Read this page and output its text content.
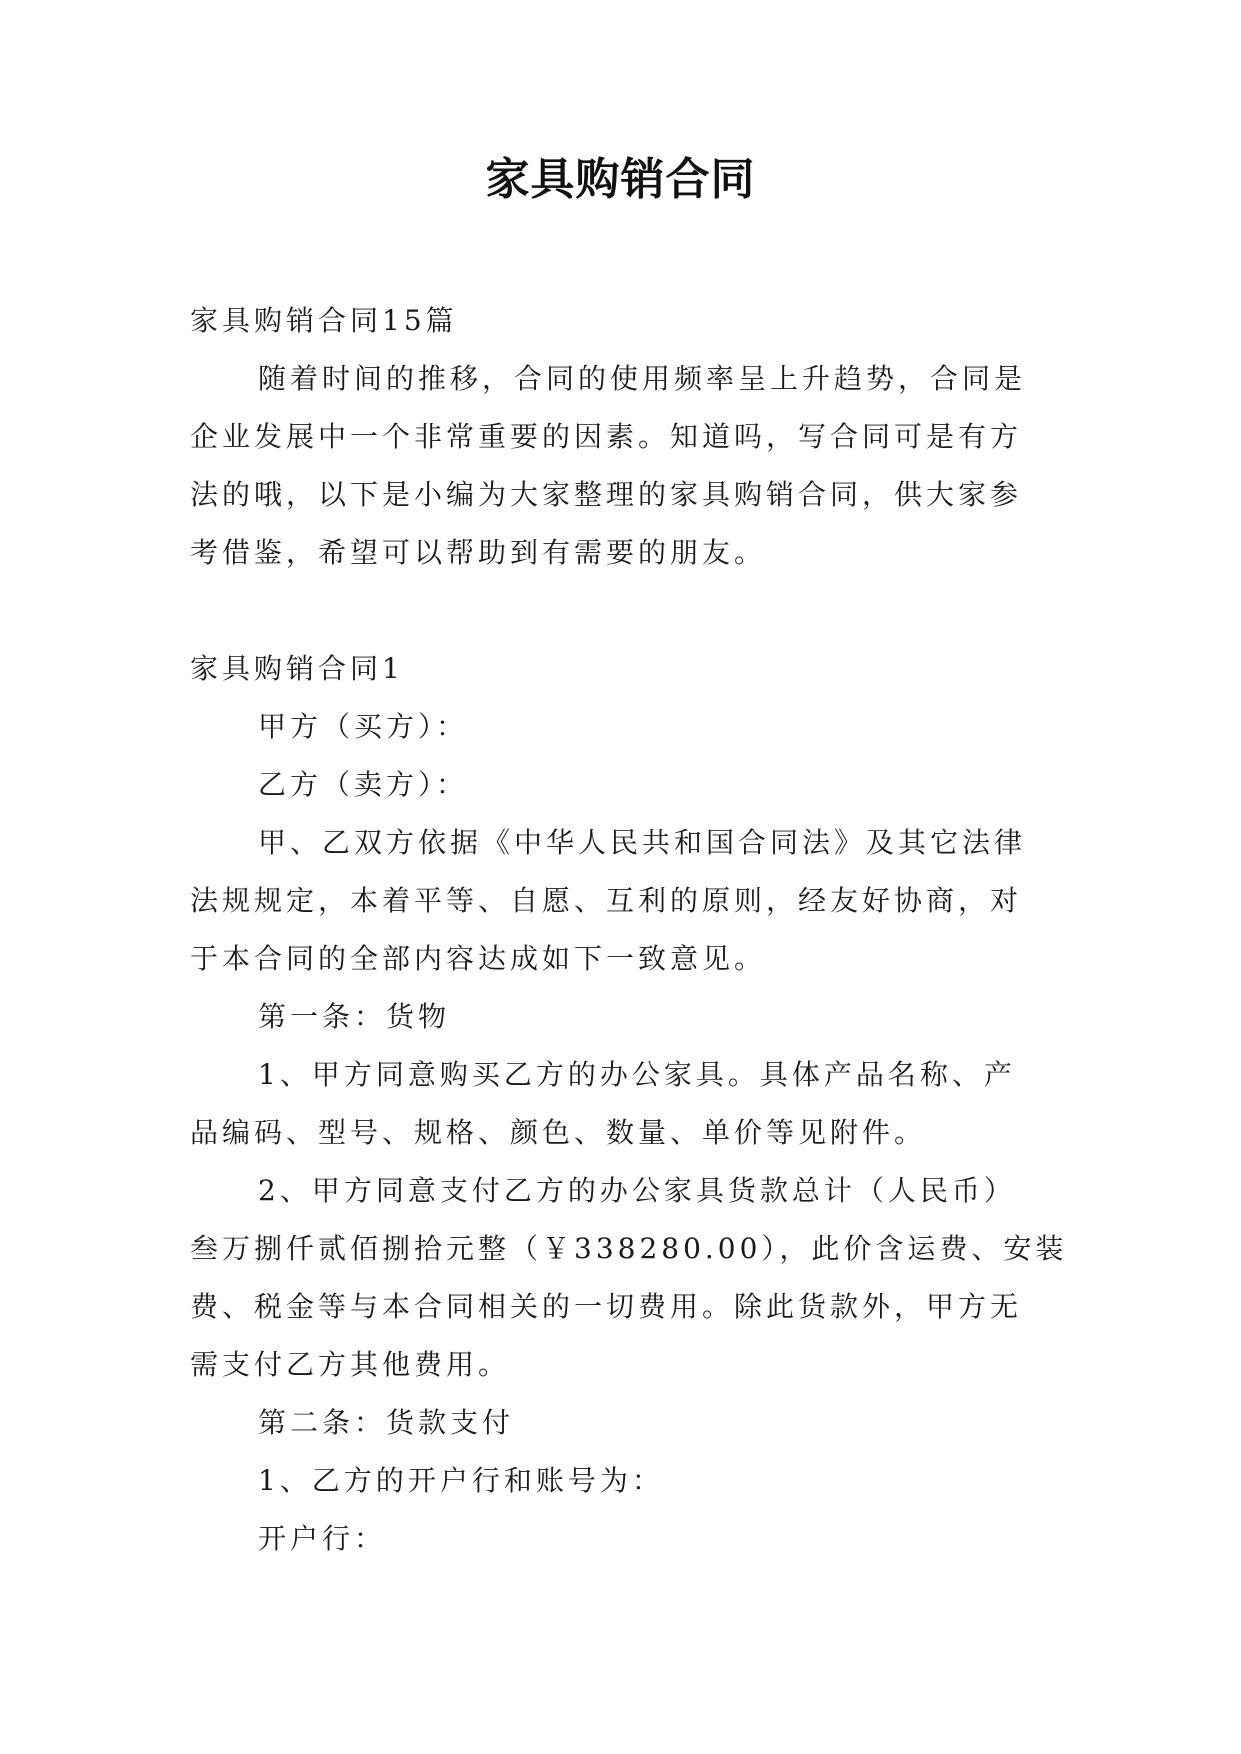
家具购销合同

家具购销合同15篇

随着时间的推移，合同的使用频率呈上升趋势，合同是

企业发展中一个非常重要的因素。知道吗，写合同可是有方

法的哦，以下是小编为大家整理的家具购销合同，供大家参

考借鉴，希望可以帮助到有需要的朋友。

家具购销合同1

甲方（买方）：

乙方（卖方）：

甲、乙双方依据《中华人民共和国合同法》及其它法律

法规规定，本着平等、自愿、互利的原则，经友好协商，对

于本合同的全部内容达成如下一致意见。

第一条：货物

1、甲方同意购买乙方的办公家具。具体产品名称、产

品编码、型号、规格、颜色、数量、单价等见附件。

2、甲方同意支付乙方的办公家具货款总计（人民币）

叁万捌仟贰佰捌拾元整（￥338280.00），此价含运费、安装

费、税金等与本合同相关的一切费用。除此货款外，甲方无

需支付乙方其他费用。

第二条：货款支付

1、乙方的开户行和账号为：

开户行：
